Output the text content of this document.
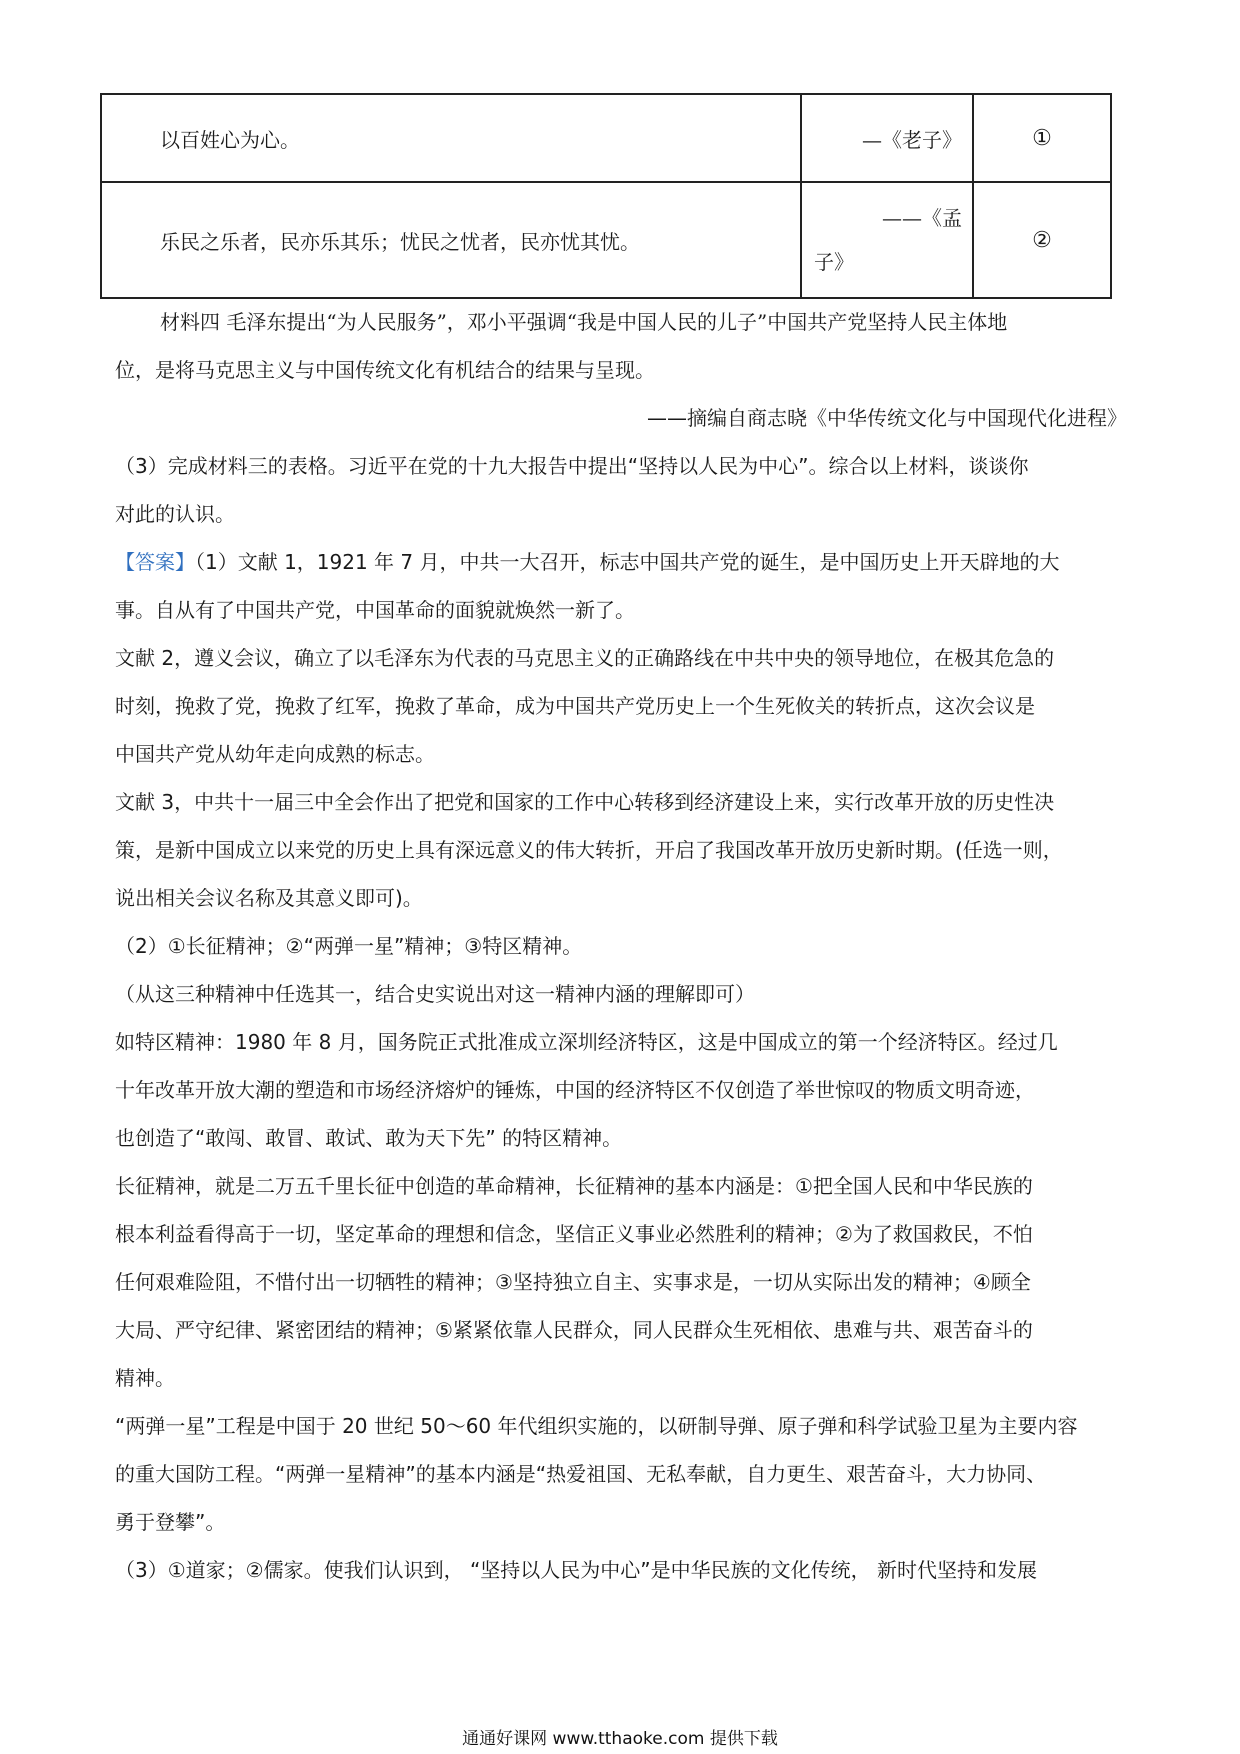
以百姓心为心。	—《老子》	①
乐民之乐者，民亦乐其乐；忧民之忧者，民亦忧其忧。	——《孟
子》	②

材料四 毛泽东提出“为人民服务”，邓小平强调“我是中国人民的儿子”中国共产党坚持人民主体地

位，是将马克思主义与中国传统文化有机结合的结果与呈现。

——摘编自商志晓《中华传统文化与中国现代化进程》

（3）完成材料三的表格。习近平在党的十九大报告中提出“坚持以人民为中心”。综合以上材料，谈谈你

对此的认识。

【答案】（1）文献 1，1921 年 7 月，中共一大召开，标志中国共产党的诞生，是中国历史上开天辟地的大

事。自从有了中国共产党，中国革命的面貌就焕然一新了。

文献 2，遵义会议，确立了以毛泽东为代表的马克思主义的正确路线在中共中央的领导地位，在极其危急的

时刻，挽救了党，挽救了红军，挽救了革命，成为中国共产党历史上一个生死攸关的转折点，这次会议是

中国共产党从幼年走向成熟的标志。

文献 3，中共十一届三中全会作出了把党和国家的工作中心转移到经济建设上来，实行改革开放的历史性决

策，是新中国成立以来党的历史上具有深远意义的伟大转折，开启了我国改革开放历史新时期。(任选一则，

说出相关会议名称及其意义即可)。

（2）①长征精神；②“两弹一星”精神；③特区精神。

（从这三种精神中任选其一，结合史实说出对这一精神内涵的理解即可）

如特区精神：1980 年 8 月，国务院正式批准成立深圳经济特区，这是中国成立的第一个经济特区。经过几

十年改革开放大潮的塑造和市场经济熔炉的锤炼，中国的经济特区不仅创造了举世惊叹的物质文明奇迹，

也创造了“敢闯、敢冒、敢试、敢为天下先” 的特区精神。

长征精神，就是二万五千里长征中创造的革命精神，长征精神的基本内涵是：①把全国人民和中华民族的

根本利益看得高于一切，坚定革命的理想和信念，坚信正义事业必然胜利的精神；②为了救国救民，不怕

任何艰难险阻，不惜付出一切牺牲的精神；③坚持独立自主、实事求是，一切从实际出发的精神；④顾全

大局、严守纪律、紧密团结的精神；⑤紧紧依靠人民群众，同人民群众生死相依、患难与共、艰苦奋斗的

精神。

“两弹一星”工程是中国于 20 世纪 50～60 年代组织实施的，以研制导弹、原子弹和科学试验卫星为主要内容

的重大国防工程。“两弹一星精神”的基本内涵是“热爱祖国、无私奉献，自力更生、艰苦奋斗，大力协同、

勇于登攀”。

（3）①道家；②儒家。使我们认识到， “坚持以人民为中心”是中华民族的文化传统， 新时代坚持和发展

通通好课网 www.tthaoke.com 提供下载
